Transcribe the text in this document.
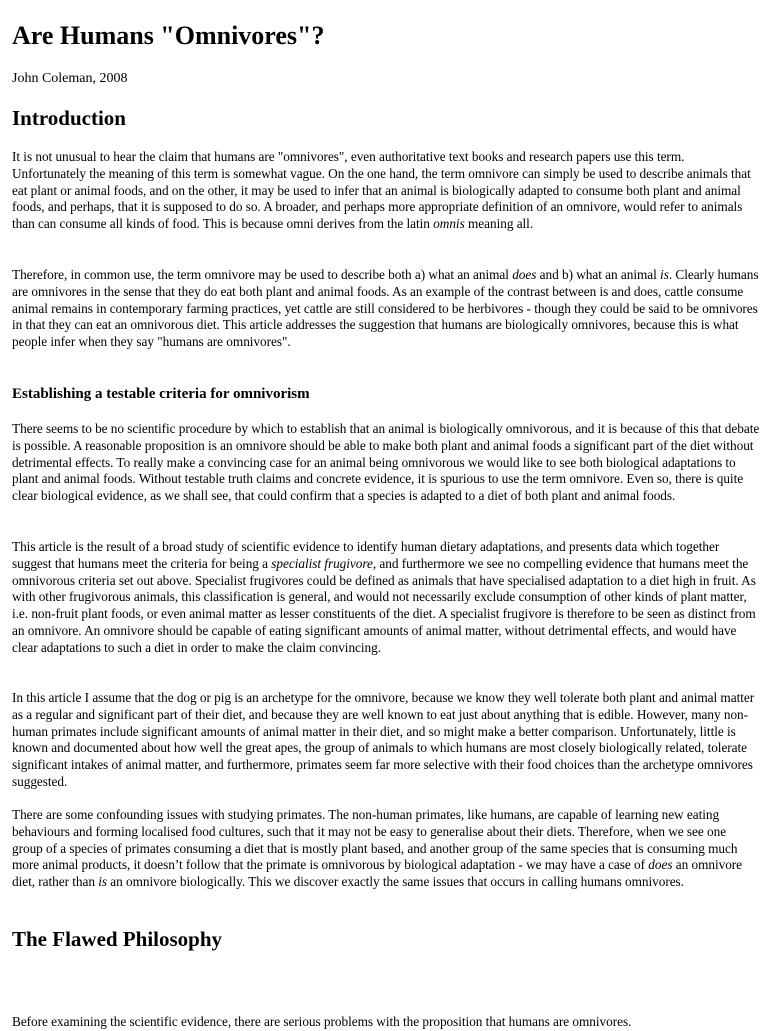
Are Humans "Omnivores"?

John Coleman, 2008

Introduction

It is not unusual to hear the claim that humans are "omnivores", even authoritative text books and research papers use this term. Unfortunately the meaning of this term is somewhat vague. On the one hand, the term omnivore can simply be used to describe animals that eat plant or animal foods, and on the other, it may be used to infer that an animal is biologically adapted to consume both plant and animal foods, and perhaps, that it is supposed to do so. A broader, and perhaps more appropriate definition of an omnivore, would refer to animals than can consume all kinds of food. This is because omni derives from the latin omnis meaning all.

Therefore, in common use, the term omnivore may be used to describe both a) what an animal does and b) what an animal is. Clearly humans are omnivores in the sense that they do eat both plant and animal foods. As an example of the contrast between is and does, cattle consume animal remains in contemporary farming practices, yet cattle are still considered to be herbivores - though they could be said to be omnivores in that they can eat an omnivorous diet. This article addresses the suggestion that humans are biologically omnivores, because this is what people infer when they say "humans are omnivores".

Establishing a testable criteria for omnivorism

There seems to be no scientific procedure by which to establish that an animal is biologically omnivorous, and it is because of this that debate is possible. A reasonable proposition is an omnivore should be able to make both plant and animal foods a significant part of the diet without detrimental effects. To really make a convincing case for an animal being omnivorous we would like to see both biological adaptations to plant and animal foods. Without testable truth claims and concrete evidence, it is spurious to use the term omnivore. Even so, there is quite clear biological evidence, as we shall see, that could confirm that a species is adapted to a diet of both plant and animal foods.

This article is the result of a broad study of scientific evidence to identify human dietary adaptations, and presents data which together suggest that humans meet the criteria for being a specialist frugivore, and furthermore we see no compelling evidence that humans meet the omnivorous criteria set out above. Specialist frugivores could be defined as animals that have specialised adaptation to a diet high in fruit. As with other frugivorous animals, this classification is general, and would not necessarily exclude consumption of other kinds of plant matter, i.e. non-fruit plant foods, or even animal matter as lesser constituents of the diet. A specialist frugivore is therefore to be seen as distinct from an omnivore. An omnivore should be capable of eating significant amounts of animal matter, without detrimental effects, and would have clear adaptations to such a diet in order to make the claim convincing.

In this article I assume that the dog or pig is an archetype for the omnivore, because we know they well tolerate both plant and animal matter as a regular and significant part of their diet, and because they are well known to eat just about anything that is edible. However, many non-human primates include significant amounts of animal matter in their diet, and so might make a better comparison. Unfortunately, little is known and documented about how well the great apes, the group of animals to which humans are most closely biologically related, tolerate significant intakes of animal matter, and furthermore, primates seem far more selective with their food choices than the archetype omnivores suggested.

There are some confounding issues with studying primates. The non-human primates, like humans, are capable of learning new eating behaviours and forming localised food cultures, such that it may not be easy to generalise about their diets. Therefore, when we see one group of a species of primates consuming a diet that is mostly plant based, and another group of the same species that is consuming much more animal products, it doesn’t follow that the primate is omnivorous by biological adaptation - we may have a case of does an omnivore diet, rather than is an omnivore biologically. This we discover exactly the same issues that occurs in calling humans omnivores.

The Flawed Philosophy

Before examining the scientific evidence, there are serious problems with the proposition that humans are omnivores.
